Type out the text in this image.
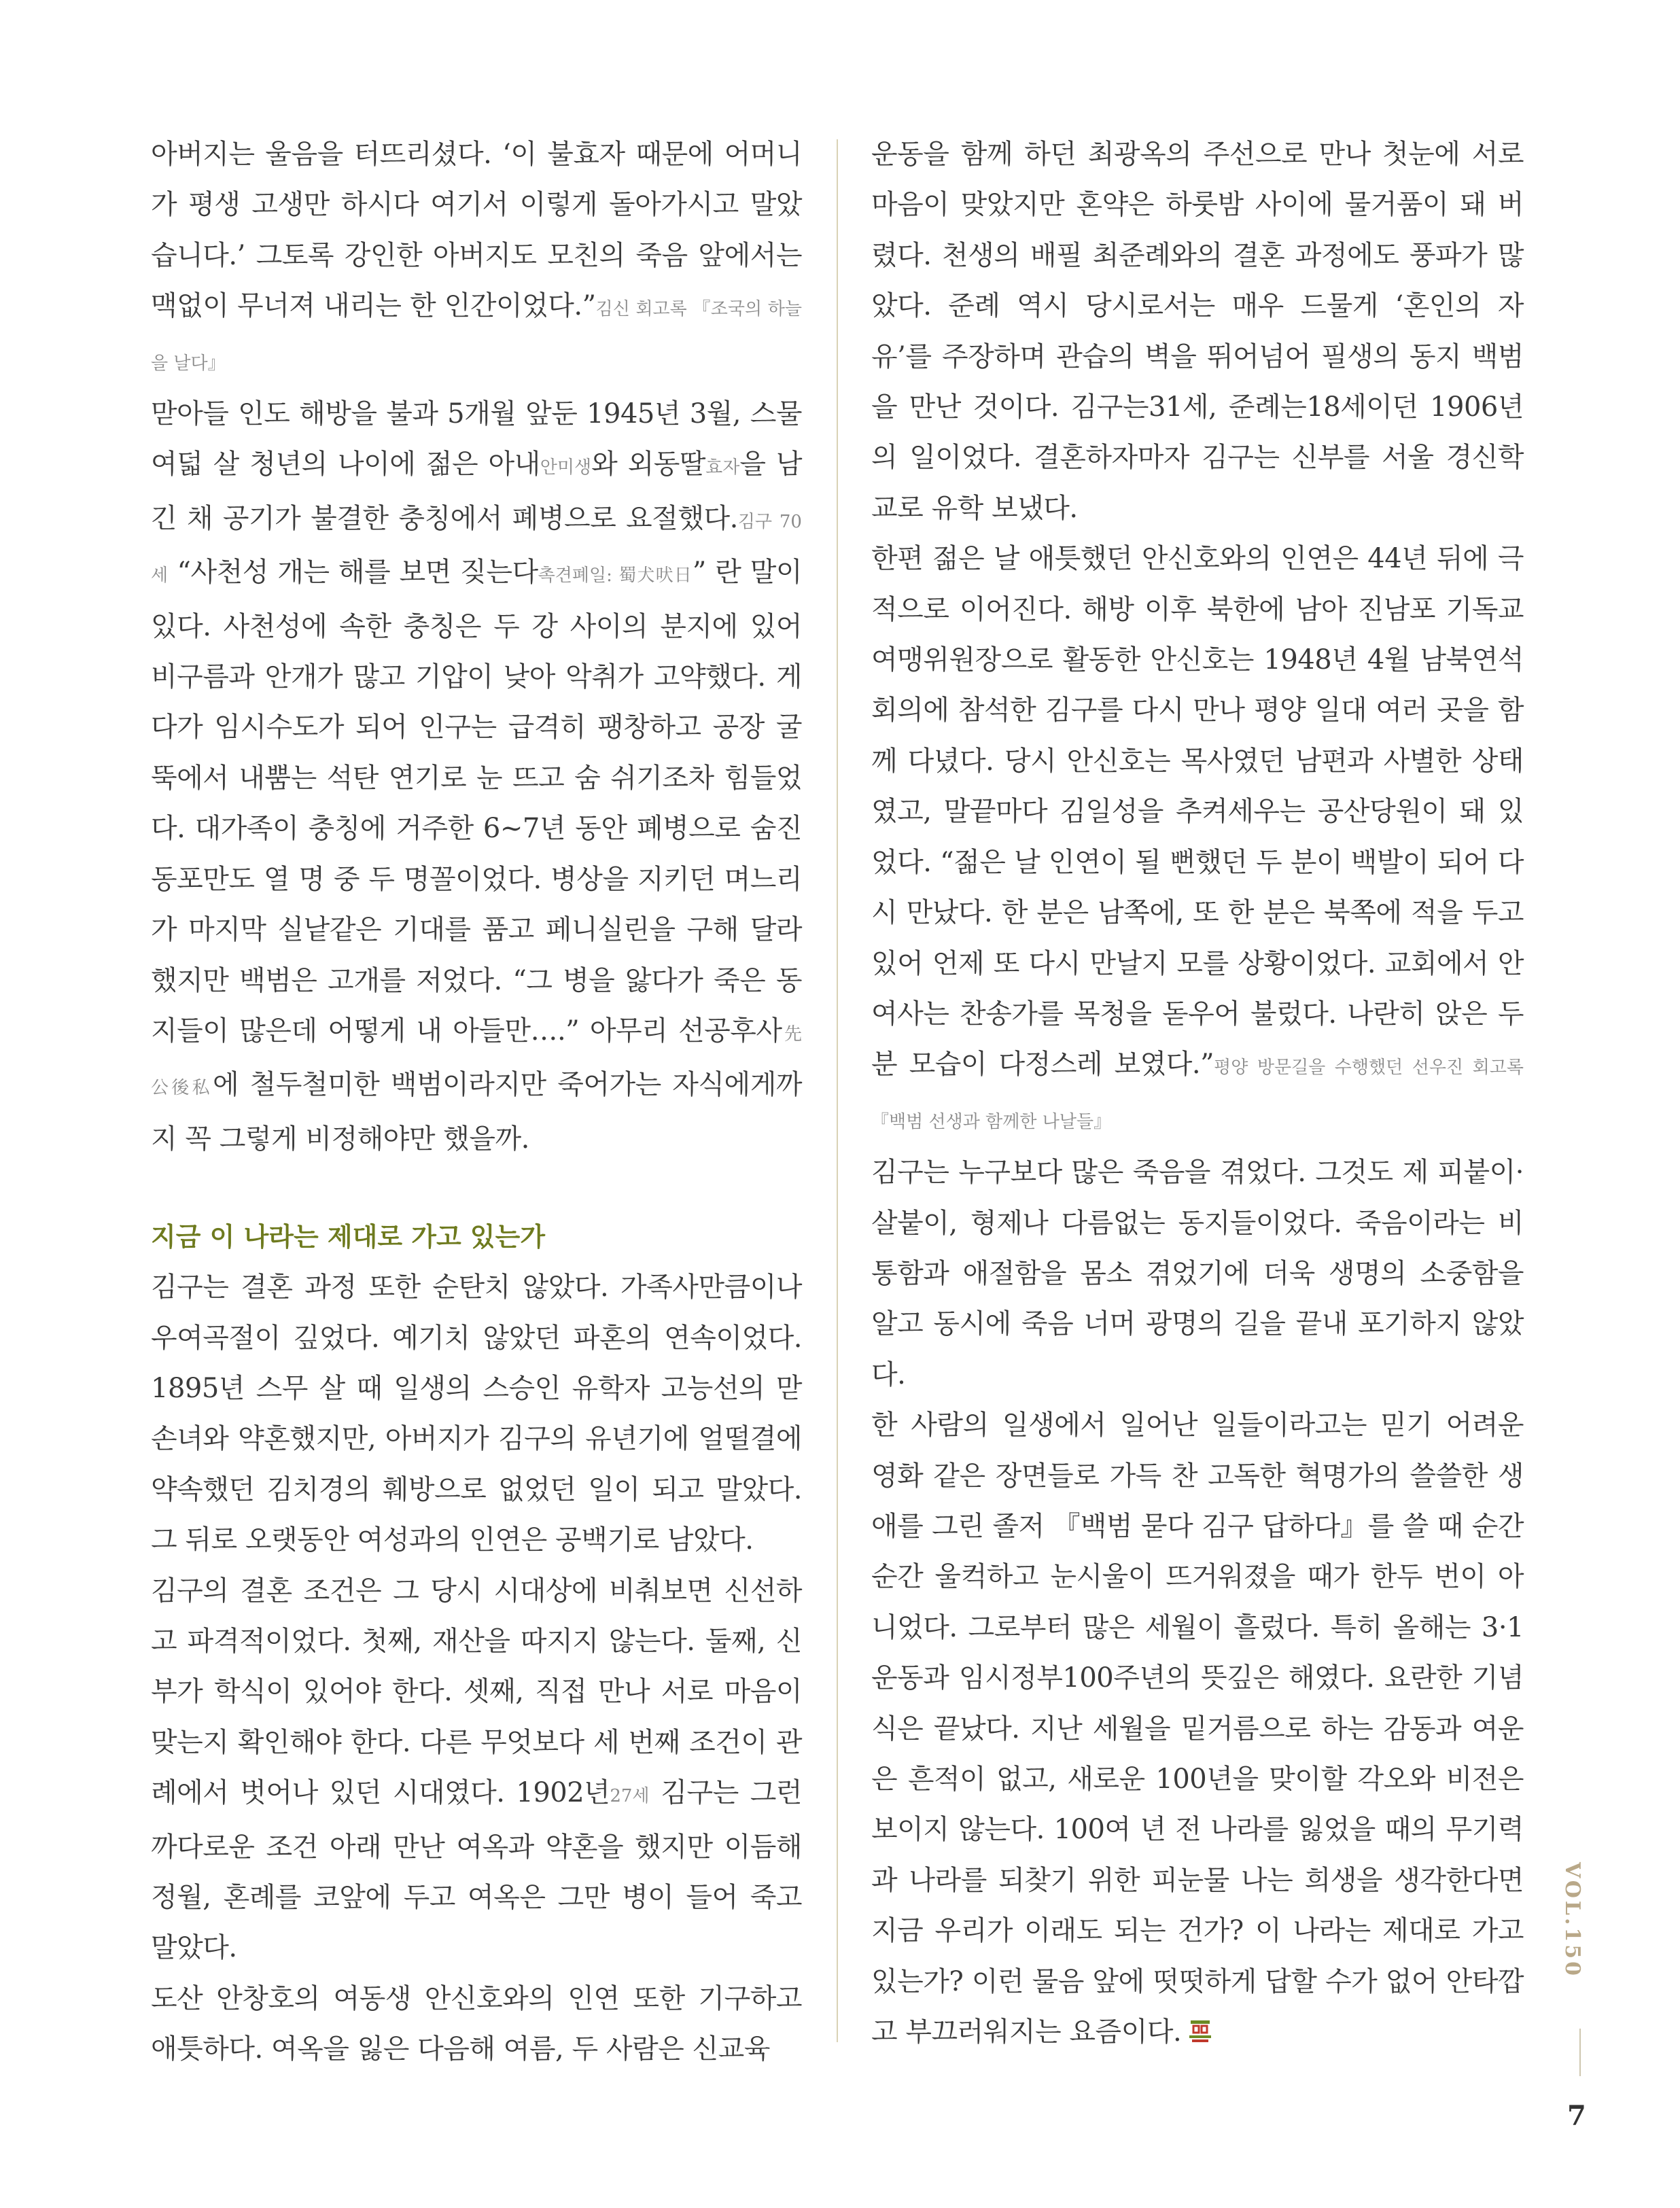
아버지는 울음을 터뜨리셨다. ‘이 불효자 때문에 어머니가 평생 고생만 하시다 여기서 이렇게 돌아가시고 말았습니다.’ 그토록 강인한 아버지도 모친의 죽음 앞에서는 맥없이 무너져 내리는 한 인간이었다.”김신 회고록 『조국의 하늘을 날다』

맏아들 인도 해방을 불과 5개월 앞둔 1945년 3월, 스물여덟 살 청년의 나이에 젊은 아내안미생와 외동딸효자을 남긴 채 공기가 불결한 충칭에서 폐병으로 요절했다.김구 70세 “사천성 개는 해를 보면 짖는다촉견폐일: 蜀犬吠日” 란 말이 있다. 사천성에 속한 충칭은 두 강 사이의 분지에 있어 비구름과 안개가 많고 기압이 낮아 악취가 고약했다. 게다가 임시수도가 되어 인구는 급격히 팽창하고 공장 굴뚝에서 내뿜는 석탄 연기로 눈 뜨고 숨 쉬기조차 힘들었다. 대가족이 충칭에 거주한 6~7년 동안 폐병으로 숨진 동포만도 열 명 중 두 명꼴이었다. 병상을 지키던 며느리가 마지막 실낱같은 기대를 품고 페니실린을 구해 달라 했지만 백범은 고개를 저었다. “그 병을 앓다가 죽은 동지들이 많은데 어떻게 내 아들만….” 아무리 선공후사先公後私에 철두철미한 백범이라지만 죽어가는 자식에게까지 꼭 그렇게 비정해야만 했을까.

지금 이 나라는 제대로 가고 있는가

김구는 결혼 과정 또한 순탄치 않았다. 가족사만큼이나 우여곡절이 깊었다. 예기치 않았던 파혼의 연속이었다. 1895년 스무 살 때 일생의 스승인 유학자 고능선의 맏손녀와 약혼했지만, 아버지가 김구의 유년기에 얼떨결에 약속했던 김치경의 훼방으로 없었던 일이 되고 말았다. 그 뒤로 오랫동안 여성과의 인연은 공백기로 남았다.

김구의 결혼 조건은 그 당시 시대상에 비춰보면 신선하고 파격적이었다. 첫째, 재산을 따지지 않는다. 둘째, 신부가 학식이 있어야 한다. 셋째, 직접 만나 서로 마음이 맞는지 확인해야 한다. 다른 무엇보다 세 번째 조건이 관례에서 벗어나 있던 시대였다. 1902년27세 김구는 그런 까다로운 조건 아래 만난 여옥과 약혼을 했지만 이듬해 정월, 혼례를 코앞에 두고 여옥은 그만 병이 들어 죽고 말았다.

도산 안창호의 여동생 안신호와의 인연 또한 기구하고 애틋하다. 여옥을 잃은 다음해 여름, 두 사람은 신교육

운동을 함께 하던 최광옥의 주선으로 만나 첫눈에 서로 마음이 맞았지만 혼약은 하룻밤 사이에 물거품이 돼 버렸다. 천생의 배필 최준례와의 결혼 과정에도 풍파가 많았다. 준례 역시 당시로서는 매우 드물게 ‘혼인의 자유’를 주장하며 관습의 벽을 뛰어넘어 필생의 동지 백범을 만난 것이다. 김구는31세, 준례는18세이던 1906년의 일이었다. 결혼하자마자 김구는 신부를 서울 경신학교로 유학 보냈다.

한편 젊은 날 애틋했던 안신호와의 인연은 44년 뒤에 극적으로 이어진다. 해방 이후 북한에 남아 진남포 기독교여맹위원장으로 활동한 안신호는 1948년 4월 남북연석회의에 참석한 김구를 다시 만나 평양 일대 여러 곳을 함께 다녔다. 당시 안신호는 목사였던 남편과 사별한 상태였고, 말끝마다 김일성을 추켜세우는 공산당원이 돼 있었다. “젊은 날 인연이 될 뻔했던 두 분이 백발이 되어 다시 만났다. 한 분은 남쪽에, 또 한 분은 북쪽에 적을 두고 있어 언제 또 다시 만날지 모를 상황이었다. 교회에서 안 여사는 찬송가를 목청을 돋우어 불렀다. 나란히 앉은 두 분 모습이 다정스레 보였다.”평양 방문길을 수행했던 선우진 회고록 『백범 선생과 함께한 나날들』

김구는 누구보다 많은 죽음을 겪었다. 그것도 제 피붙이·살붙이, 형제나 다름없는 동지들이었다. 죽음이라는 비통함과 애절함을 몸소 겪었기에 더욱 생명의 소중함을 알고 동시에 죽음 너머 광명의 길을 끝내 포기하지 않았다.

한 사람의 일생에서 일어난 일들이라고는 믿기 어려운 영화 같은 장면들로 가득 찬 고독한 혁명가의 쓸쓸한 생애를 그린 졸저 『백범 묻다 김구 답하다』를 쓸 때 순간순간 울컥하고 눈시울이 뜨거워졌을 때가 한두 번이 아니었다. 그로부터 많은 세월이 흘렀다. 특히 올해는 3·1운동과 임시정부100주년의 뜻깊은 해였다. 요란한 기념식은 끝났다. 지난 세월을 밑거름으로 하는 감동과 여운은 흔적이 없고, 새로운 100년을 맞이할 각오와 비전은 보이지 않는다. 100여 년 전 나라를 잃었을 때의 무기력과 나라를 되찾기 위한 피눈물 나는 희생을 생각한다면 지금 우리가 이래도 되는 건가? 이 나라는 제대로 가고 있는가? 이런 물음 앞에 떳떳하게 답할 수가 없어 안타깝고 부끄러워지는 요즘이다.

VOL.150
7
